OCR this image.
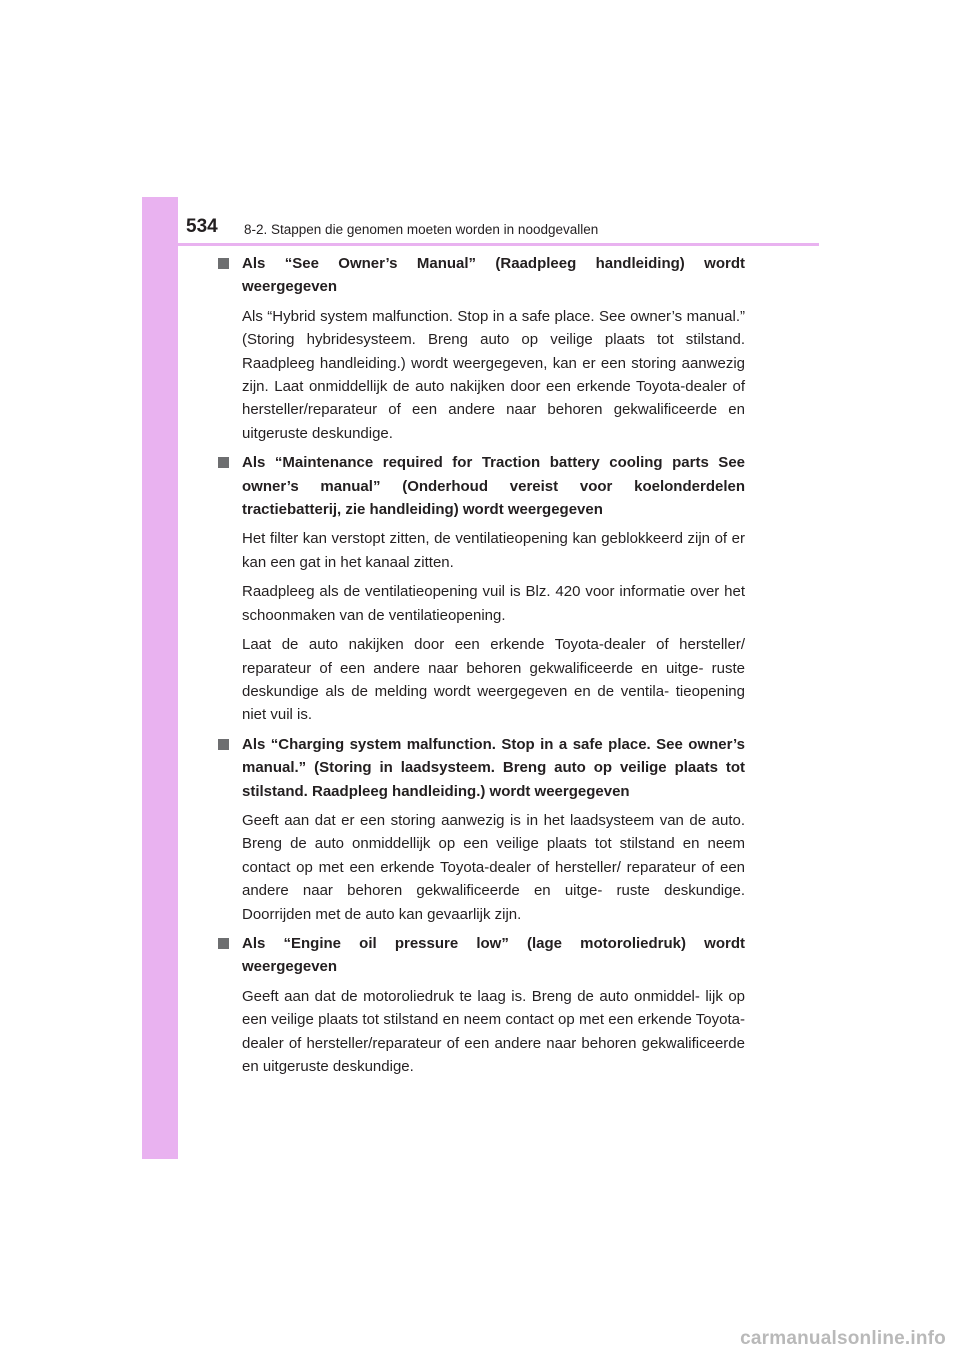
534 8-2. Stappen die genomen moeten worden in noodgevallen
Als “See Owner’s Manual” (Raadpleeg handleiding) wordt weergegeven
Als “Hybrid system malfunction. Stop in a safe place. See owner’s manual.” (Storing hybridesysteem. Breng auto op veilige plaats tot stilstand. Raadpleeg handleiding.) wordt weergegeven, kan er een storing aanwezig zijn. Laat onmiddellijk de auto nakijken door een erkende Toyota-dealer of hersteller/reparateur of een andere naar behoren gekwalificeerde en uitgeruste deskundige.
Als “Maintenance required for Traction battery cooling parts See owner’s manual” (Onderhoud vereist voor koelonderdelen tractiebatterij, zie handleiding) wordt weergegeven
Het filter kan verstopt zitten, de ventilatieopening kan geblokkeerd zijn of er kan een gat in het kanaal zitten.
Raadpleeg als de ventilatieopening vuil is Blz. 420 voor informatie over het schoonmaken van de ventilatieopening.
Laat de auto nakijken door een erkende Toyota-dealer of hersteller/ reparateur of een andere naar behoren gekwalificeerde en uitge- ruste deskundige als de melding wordt weergegeven en de ventila- tieopening niet vuil is.
Als “Charging system malfunction. Stop in a safe place. See owner’s manual.” (Storing in laadsysteem. Breng auto op veilige plaats tot stilstand. Raadpleeg handleiding.) wordt weergegeven
Geeft aan dat er een storing aanwezig is in het laadsysteem van de auto. Breng de auto onmiddellijk op een veilige plaats tot stilstand en neem contact op met een erkende Toyota-dealer of hersteller/ reparateur of een andere naar behoren gekwalificeerde en uitge- ruste deskundige. Doorrijden met de auto kan gevaarlijk zijn.
Als “Engine oil pressure low” (lage motoroliedruk) wordt weergegeven
Geeft aan dat de motoroliedruk te laag is. Breng de auto onmiddel- lijk op een veilige plaats tot stilstand en neem contact op met een erkende Toyota-dealer of hersteller/reparateur of een andere naar behoren gekwalificeerde en uitgeruste deskundige.
carmanualsonline.info
